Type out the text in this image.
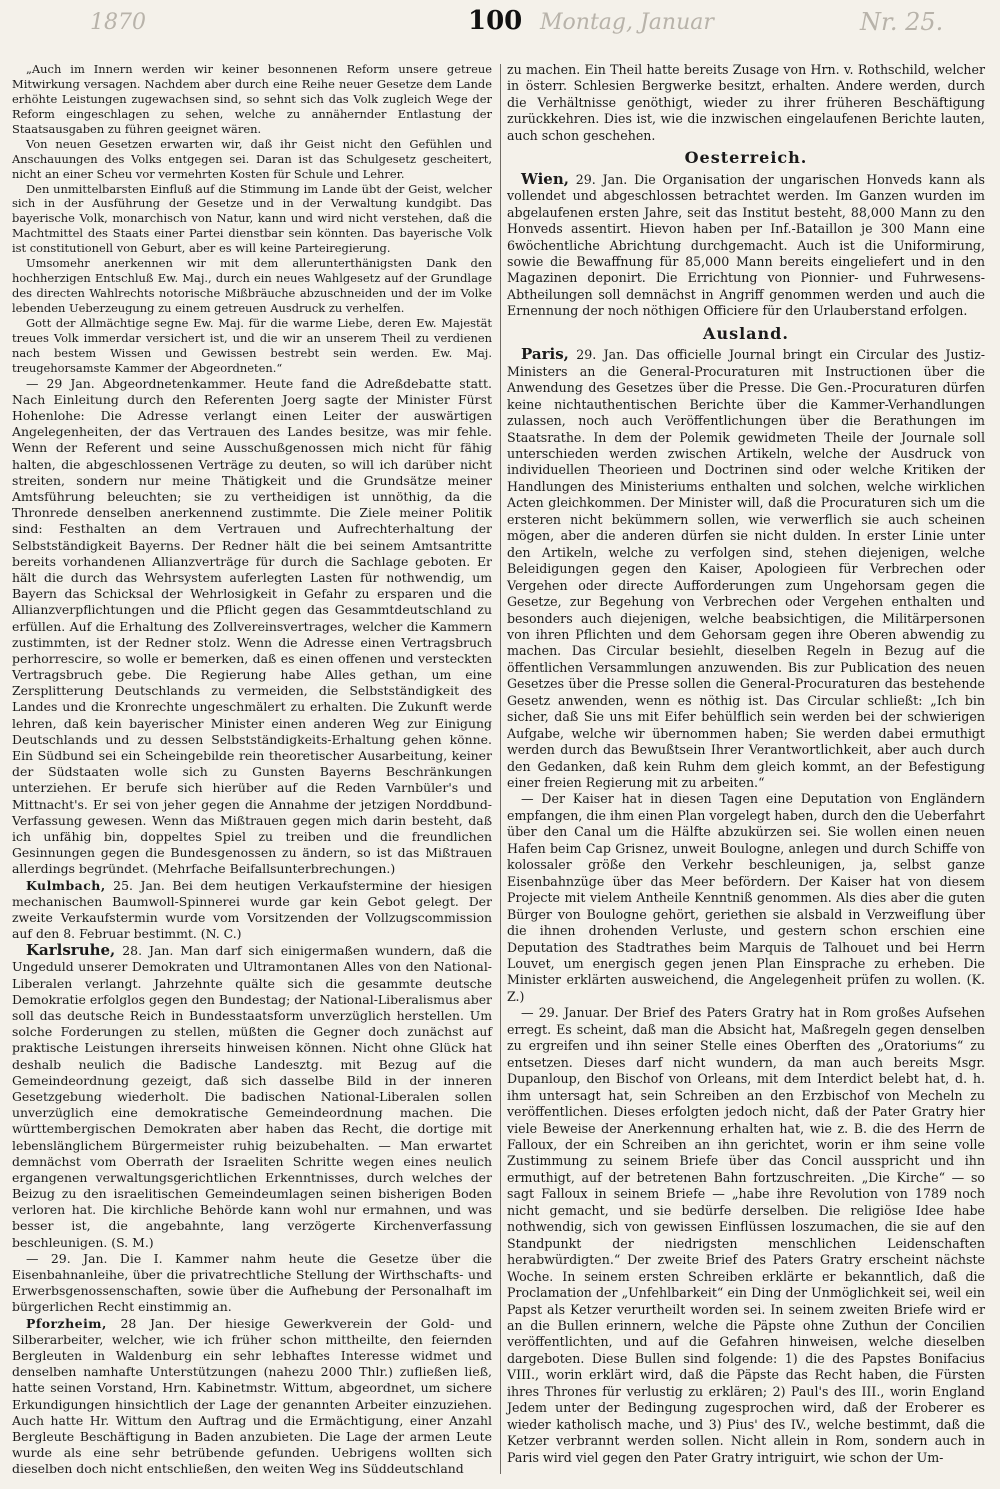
1870	100 Montag, Januar	Nr. 25.

„Auch im Innern werden wir keiner besonnenen Reform unsere getreue Mitwirkung versagen. Nachdem aber durch eine Reihe neuer Gesetze dem Lande erhöhte Leistungen zugewachsen sind, so sehnt sich das Volk zugleich Wege der Reform eingeschlagen zu sehen, welche zu annähernder Entlastung der Staatsausgaben zu führen geeignet wären.

Von neuen Gesetzen erwarten wir, daß ihr Geist nicht den Gefühlen und Anschauungen des Volks entgegen sei. Daran ist das Schulgesetz gescheitert, nicht an einer Scheu vor vermehrten Kosten für Schule und Lehrer.

Den unmittelbarsten Einfluß auf die Stimmung im Lande übt der Geist, welcher sich in der Ausführung der Gesetze und in der Verwaltung kundgibt. Das bayerische Volk, monarchisch von Natur, kann und wird nicht verstehen, daß die Machtmittel des Staats einer Partei dienstbar sein könnten. Das bayerische Volk ist constitutionell von Geburt, aber es will keine Parteiregierung.

Umsomehr anerkennen wir mit dem allerunterthänigsten Dank den hochherzigen Entschluß Ew. Maj., durch ein neues Wahlgesetz auf der Grundlage des directen Wahlrechts notorische Mißbräuche abzuschneiden und der im Volke lebenden Ueberzeugung zu einem getreuen Ausdruck zu verhelfen.

Gott der Allmächtige segne Ew. Maj. für die warme Liebe, deren Ew. Majestät treues Volk immerdar versichert ist, und die wir an unserem Theil zu verdienen nach bestem Wissen und Gewissen bestrebt sein werden. Ew. Maj. treugehorsamste Kammer der Abgeordneten.“

— 29 Jan. Abgeordnetenkammer. Heute fand die Adreßdebatte statt. Nach Einleitung durch den Referenten Joerg sagte der Minister Fürst Hohenlohe: Die Adresse verlangt einen Leiter der auswärtigen Angelegenheiten, der das Vertrauen des Landes besitze, was mir fehle. Wenn der Referent und seine Ausschußgenossen mich nicht für fähig halten, die abgeschlossenen Verträge zu deuten, so will ich darüber nicht streiten, sondern nur meine Thätigkeit und die Grundsätze meiner Amtsführung beleuchten; sie zu vertheidigen ist unnöthig, da die Thronrede denselben anerkennend zustimmte. Die Ziele meiner Politik sind: Festhalten an dem Vertrauen und Aufrechterhaltung der Selbstständigkeit Bayerns. Der Redner hält die bei seinem Amtsantritte bereits vorhandenen Allianzverträge für durch die Sachlage geboten. Er hält die durch das Wehrsystem auferlegten Lasten für nothwendig, um Bayern das Schicksal der Wehrlosigkeit in Gefahr zu ersparen und die Allianzverpflichtungen und die Pflicht gegen das Gesammtdeutschland zu erfüllen. Auf die Erhaltung des Zollvereinsvertrages, welcher die Kammern zustimmten, ist der Redner stolz. Wenn die Adresse einen Vertragsbruch perhorrescire, so wolle er bemerken, daß es einen offenen und versteckten Vertragsbruch gebe. Die Regierung habe Alles gethan, um eine Zersplitterung Deutschlands zu vermeiden, die Selbstständigkeit des Landes und die Kronrechte ungeschmälert zu erhalten. Die Zukunft werde lehren, daß kein bayerischer Minister einen anderen Weg zur Einigung Deutschlands und zu dessen Selbstständigkeits-Erhaltung gehen könne. Ein Südbund sei ein Scheingebilde rein theoretischer Ausarbeitung, keiner der Südstaaten wolle sich zu Gunsten Bayerns Beschränkungen unterziehen. Er berufe sich hierüber auf die Reden Varnbüler's und Mittnacht's. Er sei von jeher gegen die Annahme der jetzigen Norddbund-Verfassung gewesen. Wenn das Mißtrauen gegen mich darin besteht, daß ich unfähig bin, doppeltes Spiel zu treiben und die freundlichen Gesinnungen gegen die Bundesgenossen zu ändern, so ist das Mißtrauen allerdings begründet. (Mehrfache Beifallsunterbrechungen.)

Kulmbach, 25. Jan. Bei dem heutigen Verkaufstermine der hiesigen mechanischen Baumwoll-Spinnerei wurde gar kein Gebot gelegt. Der zweite Verkaufstermin wurde vom Vorsitzenden der Vollzugscommission auf den 8. Februar bestimmt. (N. C.)

Karlsruhe, 28. Jan. Man darf sich einigermaßen wundern, daß die Ungeduld unserer Demokraten und Ultramontanen Alles von den National-Liberalen verlangt. Jahrzehnte quälte sich die gesammte deutsche Demokratie erfolglos gegen den Bundestag; der National-Liberalismus aber soll das deutsche Reich in Bundesstaatsform unverzüglich herstellen. Um solche Forderungen zu stellen, müßten die Gegner doch zunächst auf praktische Leistungen ihrerseits hinweisen können. Nicht ohne Glück hat deshalb neulich die Badische Landesztg. mit Bezug auf die Gemeindeordnung gezeigt, daß sich dasselbe Bild in der inneren Gesetzgebung wiederholt. Die badischen National-Liberalen sollen unverzüglich eine demokratische Gemeindeordnung machen. Die württembergischen Demokraten aber haben das Recht, die dortige mit lebenslänglichem Bürgermeister ruhig beizubehalten. — Man erwartet demnächst vom Oberrath der Israeliten Schritte wegen eines neulich ergangenen verwaltungsgerichtlichen Erkenntnisses, durch welches der Beizug zu den israelitischen Gemeindeumlagen seinen bisherigen Boden verloren hat. Die kirchliche Behörde kann wohl nur ermahnen, und was besser ist, die angebahnte, lang verzögerte Kirchenverfassung beschleunigen. (S. M.)

— 29. Jan. Die I. Kammer nahm heute die Gesetze über die Eisenbahnanleihe, über die privatrechtliche Stellung der Wirthschafts- und Erwerbsgenossenschaften, sowie über die Aufhebung der Personalhaft im bürgerlichen Recht einstimmig an.

Pforzheim, 28 Jan. Der hiesige Gewerkverein der Gold- und Silberarbeiter, welcher, wie ich früher schon mittheilte, den feiernden Bergleuten in Waldenburg ein sehr lebhaftes Interesse widmet und denselben namhafte Unterstützungen (nahezu 2000 Thlr.) zufließen ließ, hatte seinen Vorstand, Hrn. Kabinetmstr. Wittum, abgeordnet, um sichere Erkundigungen hinsichtlich der Lage der genannten Arbeiter einzuziehen. Auch hatte Hr. Wittum den Auftrag und die Ermächtigung, einer Anzahl Bergleute Beschäftigung in Baden anzubieten. Die Lage der armen Leute wurde als eine sehr betrübende gefunden. Uebrigens wollten sich dieselben doch nicht entschließen, den weiten Weg ins Süddeutschland

zu machen. Ein Theil hatte bereits Zusage von Hrn. v. Rothschild, welcher in österr. Schlesien Bergwerke besitzt, erhalten. Andere werden, durch die Verhältnisse genöthigt, wieder zu ihrer früheren Beschäftigung zurückkehren. Dies ist, wie die inzwischen eingelaufenen Berichte lauten, auch schon geschehen.

Oesterreich.

Wien, 29. Jan. Die Organisation der ungarischen Honveds kann als vollendet und abgeschlossen betrachtet werden. Im Ganzen wurden im abgelaufenen ersten Jahre, seit das Institut besteht, 88,000 Mann zu den Honveds assentirt. Hievon haben per Inf.-Bataillon je 300 Mann eine 6wöchentliche Abrichtung durchgemacht. Auch ist die Uniformirung, sowie die Bewaffnung für 85,000 Mann bereits eingeliefert und in den Magazinen deponirt. Die Errichtung von Pionnier- und Fuhrwesens-Abtheilungen soll demnächst in Angriff genommen werden und auch die Ernennung der noch nöthigen Officiere für den Urlauberstand erfolgen.

Ausland.

Paris, 29. Jan. Das officielle Journal bringt ein Circular des Justiz-Ministers an die General-Procuraturen mit Instructionen über die Anwendung des Gesetzes über die Presse. Die Gen.-Procuraturen dürfen keine nichtauthentischen Berichte über die Kammer-Verhandlungen zulassen, noch auch Veröffentlichungen über die Berathungen im Staatsrathe. In dem der Polemik gewidmeten Theile der Journale soll unterschieden werden zwischen Artikeln, welche der Ausdruck von individuellen Theorieen und Doctrinen sind oder welche Kritiken der Handlungen des Ministeriums enthalten und solchen, welche wirklichen Acten gleichkommen. Der Minister will, daß die Procuraturen sich um die ersteren nicht bekümmern sollen, wie verwerflich sie auch scheinen mögen, aber die anderen dürfen sie nicht dulden. In erster Linie unter den Artikeln, welche zu verfolgen sind, stehen diejenigen, welche Beleidigungen gegen den Kaiser, Apologieen für Verbrechen oder Vergehen oder directe Aufforderungen zum Ungehorsam gegen die Gesetze, zur Begehung von Verbrechen oder Vergehen enthalten und besonders auch diejenigen, welche beabsichtigen, die Militärpersonen von ihren Pflichten und dem Gehorsam gegen ihre Oberen abwendig zu machen. Das Circular besiehlt, dieselben Regeln in Bezug auf die öffentlichen Versammlungen anzuwenden. Bis zur Publication des neuen Gesetzes über die Presse sollen die General-Procuraturen das bestehende Gesetz anwenden, wenn es nöthig ist. Das Circular schließt: „Ich bin sicher, daß Sie uns mit Eifer behülflich sein werden bei der schwierigen Aufgabe, welche wir übernommen haben; Sie werden dabei ermuthigt werden durch das Bewußtsein Ihrer Verantwortlichkeit, aber auch durch den Gedanken, daß kein Ruhm dem gleich kommt, an der Befestigung einer freien Regierung mit zu arbeiten.“

— Der Kaiser hat in diesen Tagen eine Deputation von Engländern empfangen, die ihm einen Plan vorgelegt haben, durch den die Ueberfahrt über den Canal um die Hälfte abzukürzen sei. Sie wollen einen neuen Hafen beim Cap Grisnez, unweit Boulogne, anlegen und durch Schiffe von kolossaler größe den Verkehr beschleunigen, ja, selbst ganze Eisenbahnzüge über das Meer befördern. Der Kaiser hat von diesem Projecte mit vielem Antheile Kenntniß genommen. Als dies aber die guten Bürger von Boulogne gehört, geriethen sie alsbald in Verzweiflung über die ihnen drohenden Verluste, und gestern schon erschien eine Deputation des Stadtrathes beim Marquis de Talhouet und bei Herrn Louvet, um energisch gegen jenen Plan Einsprache zu erheben. Die Minister erklärten ausweichend, die Angelegenheit prüfen zu wollen. (K. Z.)

— 29. Januar. Der Brief des Paters Gratry hat in Rom großes Aufsehen erregt. Es scheint, daß man die Absicht hat, Maßregeln gegen denselben zu ergreifen und ihn seiner Stelle eines Oberften des „Oratoriums“ zu entsetzen. Dieses darf nicht wundern, da man auch bereits Msgr. Dupanloup, den Bischof von Orleans, mit dem Interdict belebt hat, d. h. ihm untersagt hat, sein Schreiben an den Erzbischof von Mecheln zu veröffentlichen. Dieses erfolgten jedoch nicht, daß der Pater Gratry hier viele Beweise der Anerkennung erhalten hat, wie z. B. die des Herrn de Falloux, der ein Schreiben an ihn gerichtet, worin er ihm seine volle Zustimmung zu seinem Briefe über das Concil ausspricht und ihn ermuthigt, auf der betretenen Bahn fortzuschreiten. „Die Kirche“ — so sagt Falloux in seinem Briefe — „habe ihre Revolution von 1789 noch nicht gemacht, und sie bedürfe derselben. Die religiöse Idee habe nothwendig, sich von gewissen Einflüssen loszumachen, die sie auf den Standpunkt der niedrigsten menschlichen Leidenschaften herabwürdigten.“ Der zweite Brief des Paters Gratry erscheint nächste Woche. In seinem ersten Schreiben erklärte er bekanntlich, daß die Proclamation der „Unfehlbarkeit“ ein Ding der Unmöglichkeit sei, weil ein Papst als Ketzer verurtheilt worden sei. In seinem zweiten Briefe wird er an die Bullen erinnern, welche die Päpste ohne Zuthun der Concilien veröffentlichten, und auf die Gefahren hinweisen, welche dieselben dargeboten. Diese Bullen sind folgende: 1) die des Papstes Bonifacius VIII., worin erklärt wird, daß die Päpste das Recht haben, die Fürsten ihres Thrones für verlustig zu erklären; 2) Paul's des III., worin England Jedem unter der Bedingung zugesprochen wird, daß der Eroberer es wieder katholisch mache, und 3) Pius' des IV., welche bestimmt, daß die Ketzer verbrannt werden sollen. Nicht allein in Rom, sondern auch in Paris wird viel gegen den Pater Gratry intriguirt, wie schon der Um-
